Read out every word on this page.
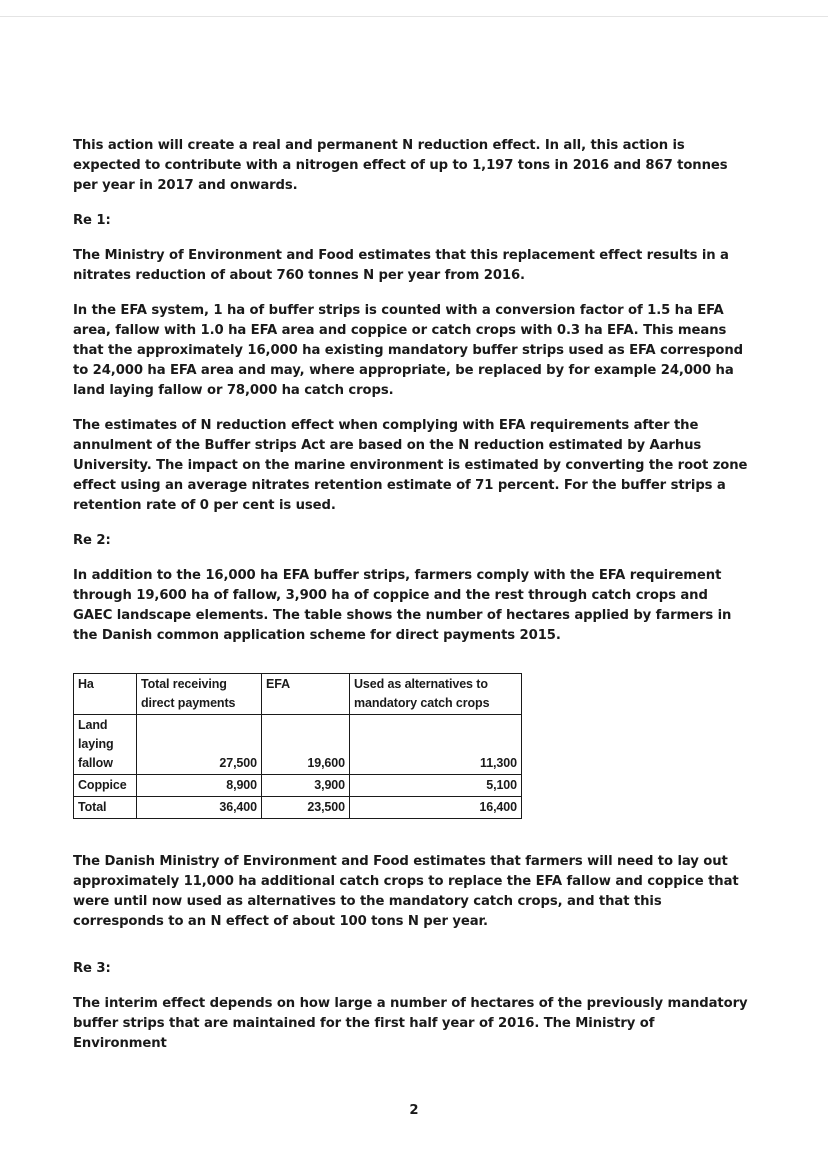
This action will create a real and permanent N reduction effect. In all, this action is expected to contribute with a nitrogen effect of up to 1,197 tons in 2016 and 867 tonnes per year in 2017 and onwards.

Re 1:

The Ministry of Environment and Food estimates that this replacement effect results in a nitrates reduction of about 760 tonnes N per year from 2016.

In the EFA system, 1 ha of buffer strips is counted with a conversion factor of 1.5 ha EFA area, fallow with 1.0 ha EFA area and coppice or catch crops with 0.3 ha EFA. This means that the approximately 16,000 ha existing mandatory buffer strips used as EFA correspond to 24,000 ha EFA area and may, where appropriate, be replaced by for example 24,000 ha land laying fallow or 78,000 ha catch crops.

The estimates of N reduction effect when complying with EFA requirements after the annulment of the Buffer strips Act are based on the N reduction estimated by Aarhus University. The impact on the marine environment is estimated by converting the root zone effect using an average nitrates retention estimate of 71 percent. For the buffer strips a retention rate of 0 per cent is used.

Re 2:

In addition to the 16,000 ha EFA buffer strips, farmers comply with the EFA requirement through 19,600 ha of fallow, 3,900 ha of coppice and the rest through catch crops and GAEC landscape elements. The table shows the number of hectares applied by farmers in the Danish common application scheme for direct payments 2015.

Ha	Total receiving direct payments	EFA	Used as alternatives to mandatory catch crops
Land laying fallow	27,500	19,600	11,300
Coppice	8,900	3,900	5,100
Total	36,400	23,500	16,400

The Danish Ministry of Environment and Food estimates that farmers will need to lay out approximately 11,000 ha additional catch crops to replace the EFA fallow and coppice that were until now used as alternatives to the mandatory catch crops, and that this corresponds to an N effect of about 100 tons N per year.

Re 3:

The interim effect depends on how large a number of hectares of the previously mandatory buffer strips that are maintained for the first half year of 2016. The Ministry of Environment

2
